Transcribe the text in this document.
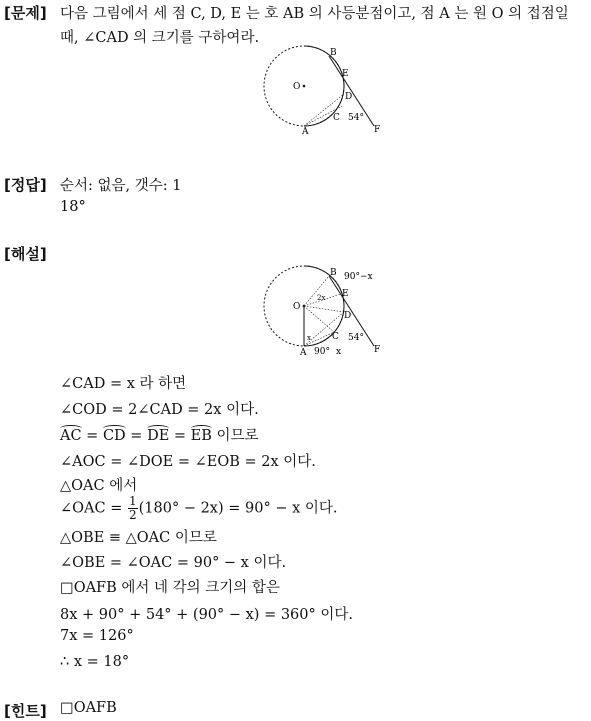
[문제] 다음 그림에서 세 점 C, D, E 는 호 AB 의 사등분점이고, 점 A 는 원 O 의 접점일
때, ∠CAD 의 크기를 구하여라.
O
B
E
D
C
A	F
54°
[정답] 순서: 없음, 갯수: 1
18°
[해설]
O
B
E
D
C
A	F
54°
90°−x
90° x
2x
x
∠CAD = x 라 하면
∠COD = 2∠CAD = 2x 이다.
AC = CD = DE = EB 이므로
∠AOC = ∠DOE = ∠EOB = 2x 이다.
△OAC 에서
∠OAC = $\frac{1}{2} (180^\circ - 2x) = 90^\circ - x$ 이다.
△OBE ≡ △OAC 이므로
∠OBE = ∠OAC = 90° − x 이다.
□OAFB 에서 네 각의 크기의 합은
8x + 90° + 54° + (90° − x) = 360° 이다.
7x = 126°
∴ x = 18°
[힌트] □OAFB
